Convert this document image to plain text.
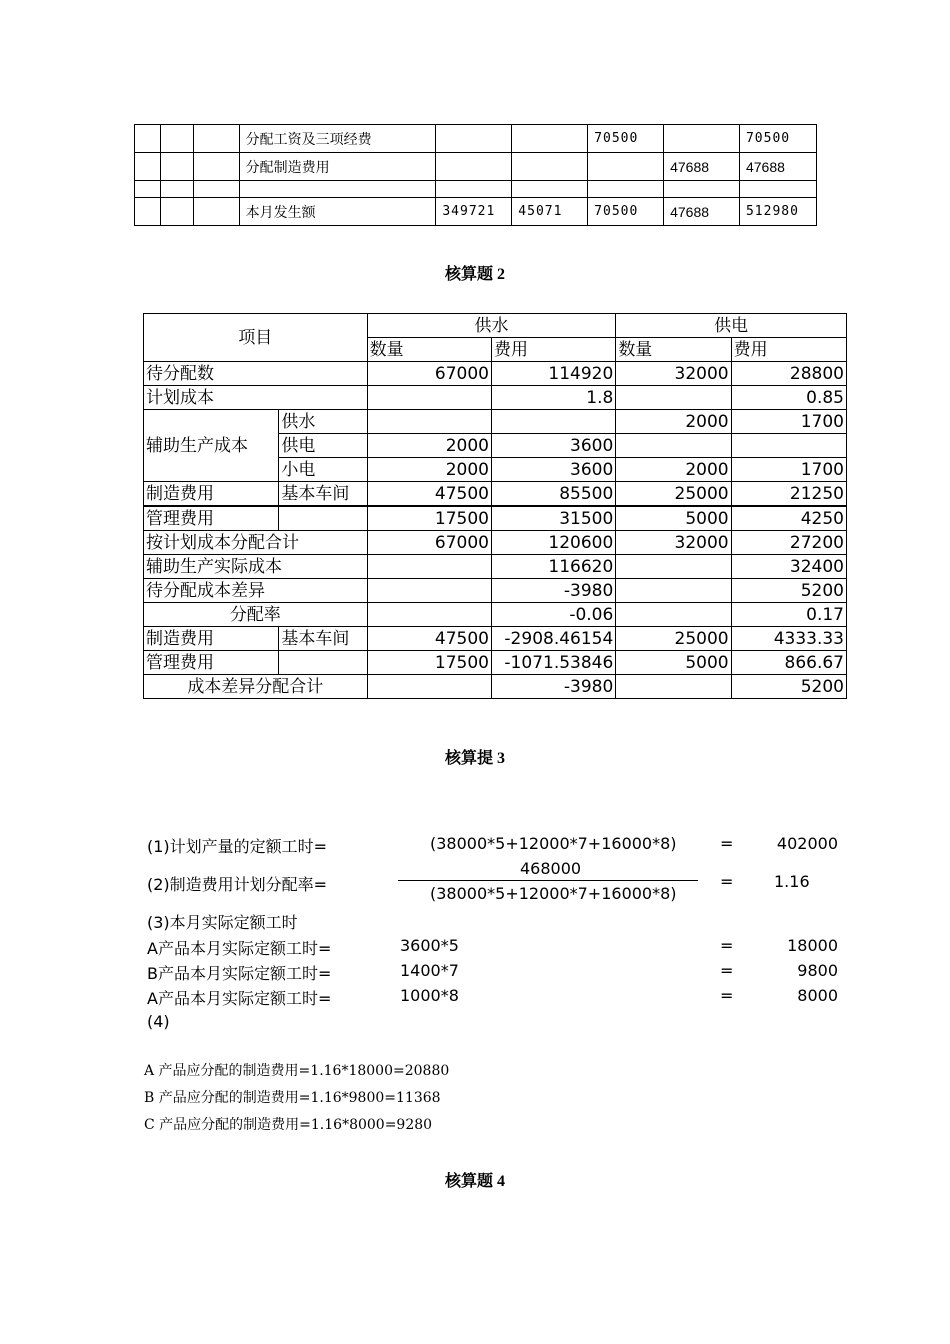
			分配工资及三项经费			70500		70500
			分配制造费用				47688	47688

			本月发生额	349721	45071	70500	47688	512980
核算题 2
项目		供水		供电	
		数量	费用	数量	费用
待分配数		67000	114920	32000	28800
计划成本			1.8		0.85
辅助生产成本	供水			2000	1700
	供电	2000	3600		
	小电	2000	3600	2000	1700
制造费用	基本车间	47500	85500	25000	21250
管理费用		17500	31500	5000	4250
按计划成本分配合计		67000	120600	32000	27200
辅助生产实际成本			116620		32400
待分配成本差异			-3980		5200
分配率			-0.06		0.17
制造费用	基本车间	47500	-2908.46154	25000	4333.33
管理费用		17500	-1071.53846	5000	866.67
成本差异分配合计			-3980		5200
核算提 3
(1)计划产量的定额工时=	(38000*5+12000*7+16000*8)	=	402000
(2)制造费用计划分配率=
468000
(38000*5+12000*7+16000*8)
=	1.16
(3)本月实际定额工时
A产品本月实际定额工时=	3600*5	=	18000
B产品本月实际定额工时=	1400*7	=	9800
A产品本月实际定额工时=	1000*8	=	8000
(4)
A 产品应分配的制造费用=1.16*18000=20880
B 产品应分配的制造费用=1.16*9800=11368
C 产品应分配的制造费用=1.16*8000=9280
核算题 4
